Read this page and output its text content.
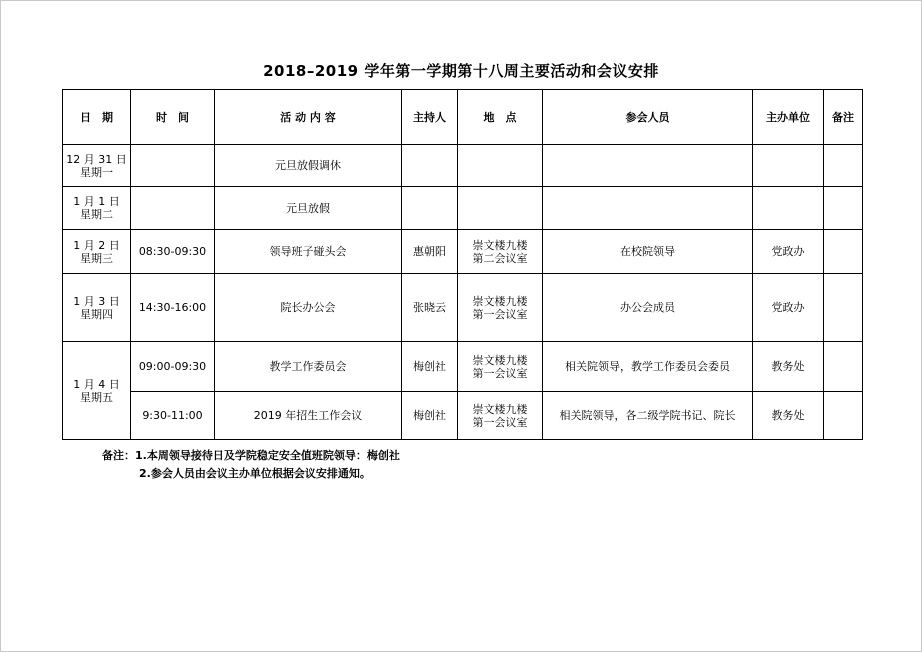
2018–2019 学年第一学期第十八周主要活动和会议安排
日　期	时　间	活 动 内 容	主持人	地　点	参会人员	主办单位	备注

12 月 31 日
星期一		元旦放假调休		

1 月 1 日
星期二		元旦放假		

1 月 2 日
星期三	08:30-09:30	领导班子碰头会	惠朝阳	崇文楼九楼
第二会议室	在校院领导	党政办	

1 月 3 日
星期四	14:30-16:00	院长办公会	张晓云	崇文楼九楼
第一会议室	办公会成员	党政办	

1 月 4 日
星期五	09:00-09:30	教学工作委员会	梅创社	崇文楼九楼
第一会议室	相关院领导，教学工作委员会委员	教务处	
	9:30-11:00	2019 年招生工作会议	梅创社	崇文楼九楼
第一会议室	相关院领导，各二级学院书记、院长	教务处	
备注：1.本周领导接待日及学院稳定安全值班院领导：梅创社
2.参会人员由会议主办单位根据会议安排通知。
